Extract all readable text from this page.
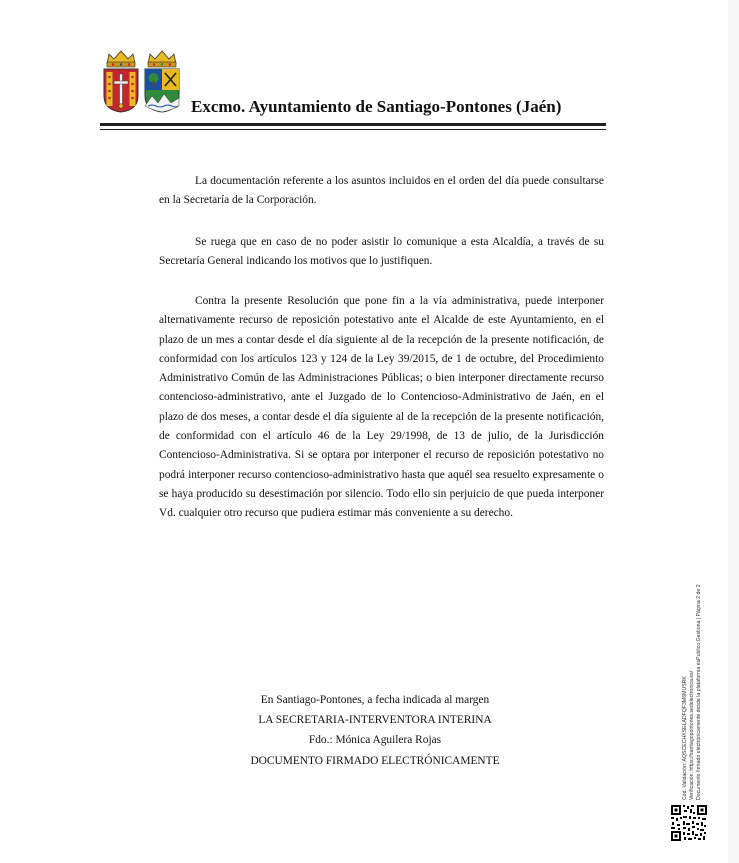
Excmo. Ayuntamiento de Santiago-Pontones (Jaén)

La documentación referente a los asuntos incluidos en el orden del día puede consultarse en la Secretaría de la Corporación.

Se ruega que en caso de no poder asistir lo comunique a esta Alcaldía, a través de su Secretaría General indicando los motivos que lo justifiquen.

Contra la presente Resolución que pone fin a la vía administrativa, puede interponer alternativamente recurso de reposición potestativo ante el Alcalde de este Ayuntamiento, en el plazo de un mes a contar desde el día siguiente al de la recepción de la presente notificación, de conformidad con los artículos 123 y 124 de la Ley 39/2015, de 1 de octubre, del Procedimiento Administrativo Común de las Administraciones Públicas; o bien interponer directamente recurso contencioso-administrativo, ante el Juzgado de lo Contencioso-Administrativo de Jaén, en el plazo de dos meses, a contar desde el día siguiente al de la recepción de la presente notificación, de conformidad con el artículo 46 de la Ley 29/1998, de 13 de julio, de la Jurisdicción Contencioso-Administrativa. Si se optara por interponer el recurso de reposición potestativo no podrá interponer recurso contencioso-administrativo hasta que aquél sea resuelto expresamente o se haya producido su desestimación por silencio. Todo ello sin perjuicio de que pueda interponer Vd. cualquier otro recurso que pudiera estimar más conveniente a su derecho.

En Santiago-Pontones, a fecha indicada al margen
LA SECRETARIA-INTERVENTORA INTERINA
Fdo.: Mónica Aguilera Rojas
DOCUMENTO FIRMADO ELECTRÓNICAMENTE	Cód. Validación: AQSCECHXSELADFQF3M6MUSRK Verificación: https://santiagopontones.sedelectronica.es/ Documento firmado electrónicamente desde la plataforma esPublico Gestiona | Página 2 de 2
